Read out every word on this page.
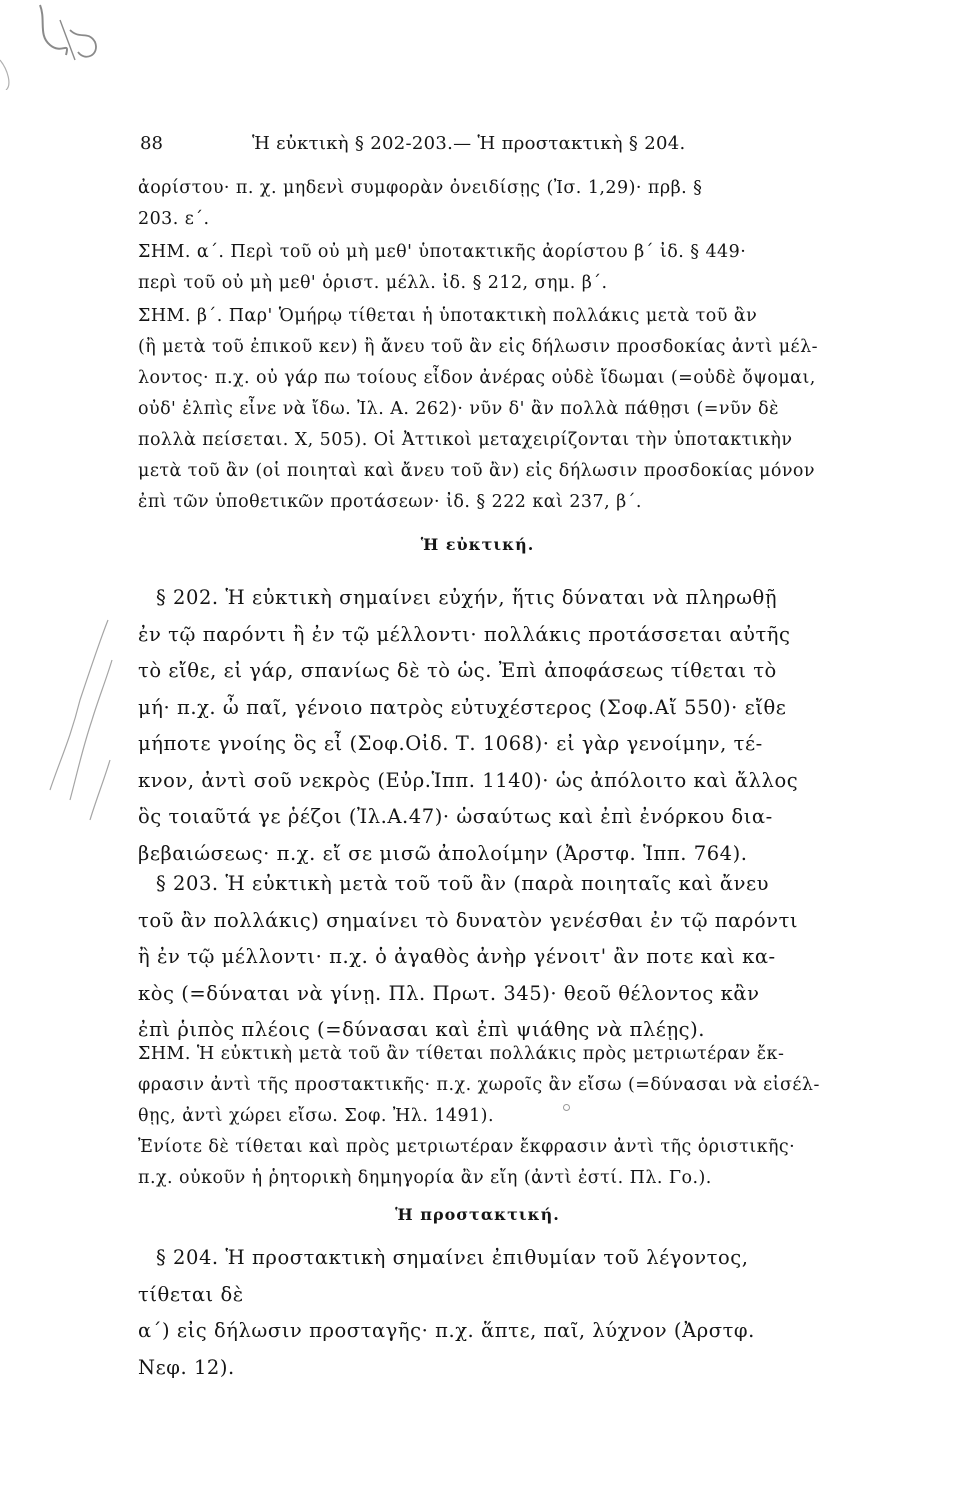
88	Ἡ εὐκτικὴ § 202-203.— Ἡ προστακτικὴ § 204.
ἀορίστου· π. χ. μηδενὶ συμφορὰν ὀνειδίσῃς (Ἰσ. 1,29)· πρβ. §
203. ε΄.
ΣΗΜ. α΄. Περὶ τοῦ οὐ μὴ μεθ' ὑποτακτικῆς ἀορίστου β΄ ἰδ. § 449·
περὶ τοῦ οὐ μὴ μεθ' ὁριστ. μέλλ. ἰδ. § 212, σημ. β΄.
ΣΗΜ. β΄. Παρ' Ὁμήρῳ τίθεται ἡ ὑποτακτικὴ πολλάκις μετὰ τοῦ ἂν
(ἢ μετὰ τοῦ ἐπικοῦ κεν) ἢ ἄνευ τοῦ ἂν εἰς δήλωσιν προσδοκίας ἀντὶ μέλ-
λοντος· π.χ. οὐ γάρ πω τοίους εἶδον ἀνέρας οὐδὲ ἴδωμαι (=οὐδὲ ὄψομαι,
οὐδ' ἐλπὶς εἶνε νὰ ἴδω. Ἰλ. Α. 262)· νῦν δ' ἂν πολλὰ πάθῃσι (=νῦν δὲ
πολλὰ πείσεται. Χ, 505). Οἱ Ἀττικοὶ μεταχειρίζονται τὴν ὑποτακτικὴν
μετὰ τοῦ ἂν (οἱ ποιηταὶ καὶ ἄνευ τοῦ ἂν) εἰς δήλωσιν προσδοκίας μόνον
ἐπὶ τῶν ὑποθετικῶν προτάσεων· ἰδ. § 222 καὶ 237, β΄.
Ἡ εὐκτική.
§ 202. Ἡ εὐκτικὴ σημαίνει εὐχήν, ἥτις δύναται νὰ πληρωθῇ
ἐν τῷ παρόντι ἢ ἐν τῷ μέλλοντι· πολλάκις προτάσσεται αὐτῆς
τὸ εἴθε, εἰ γάρ, σπανίως δὲ τὸ ὡς. Ἐπὶ ἀποφάσεως τίθεται τὸ
μή· π.χ. ὦ παῖ, γένοιο πατρὸς εὐτυχέστερος (Σοφ.Αἴ 550)· εἴθε
μήποτε γνοίης ὃς εἶ (Σοφ.Οἰδ. Τ. 1068)· εἰ γὰρ γενοίμην, τέ-
κνον, ἀντὶ σοῦ νεκρὸς (Εὐρ.Ἱππ. 1140)· ὡς ἀπόλοιτο καὶ ἄλλος
ὃς τοιαῦτά γε ῥέζοι (Ἰλ.Α.47)· ὡσαύτως καὶ ἐπὶ ἐνόρκου δια-
βεβαιώσεως· π.χ. εἴ σε μισῶ ἀπολοίμην (Ἀρστφ. Ἱππ. 764).
§ 203. Ἡ εὐκτικὴ μετὰ τοῦ τοῦ ἂν (παρὰ ποιηταῖς καὶ ἄνευ
τοῦ ἂν πολλάκις) σημαίνει τὸ δυνατὸν γενέσθαι ἐν τῷ παρόντι
ἢ ἐν τῷ μέλλοντι· π.χ. ὁ ἀγαθὸς ἀνὴρ γένοιτ' ἂν ποτε καὶ κα-
κὸς (=δύναται νὰ γίνῃ. Πλ. Πρωτ. 345)· θεοῦ θέλοντος κἂν
ἐπὶ ῥιπὸς πλέοις (=δύνασαι καὶ ἐπὶ ψιάθης νὰ πλέῃς).
ΣΗΜ. Ἡ εὐκτικὴ μετὰ τοῦ ἂν τίθεται πολλάκις πρὸς μετριωτέραν ἔκ-
φρασιν ἀντὶ τῆς προστακτικῆς· π.χ. χωροῖς ἂν εἴσω (=δύνασαι νὰ εἰσέλ-
θῃς, ἀντὶ χώρει εἴσω. Σοφ. Ἠλ. 1491).
Ἐνίοτε δὲ τίθεται καὶ πρὸς μετριωτέραν ἔκφρασιν ἀντὶ τῆς ὁριστικῆς·
π.χ. οὐκοῦν ἡ ῥητορικὴ δημηγορία ἂν εἴη (ἀντὶ ἐστί. Πλ. Γο.).
Ἡ προστακτική.
§ 204. Ἡ προστακτικὴ σημαίνει ἐπιθυμίαν τοῦ λέγοντος,
τίθεται δὲ
α΄) εἰς δήλωσιν προσταγῆς· π.χ. ἅπτε, παῖ, λύχνον (Ἀρστφ.
Νεφ. 12).
